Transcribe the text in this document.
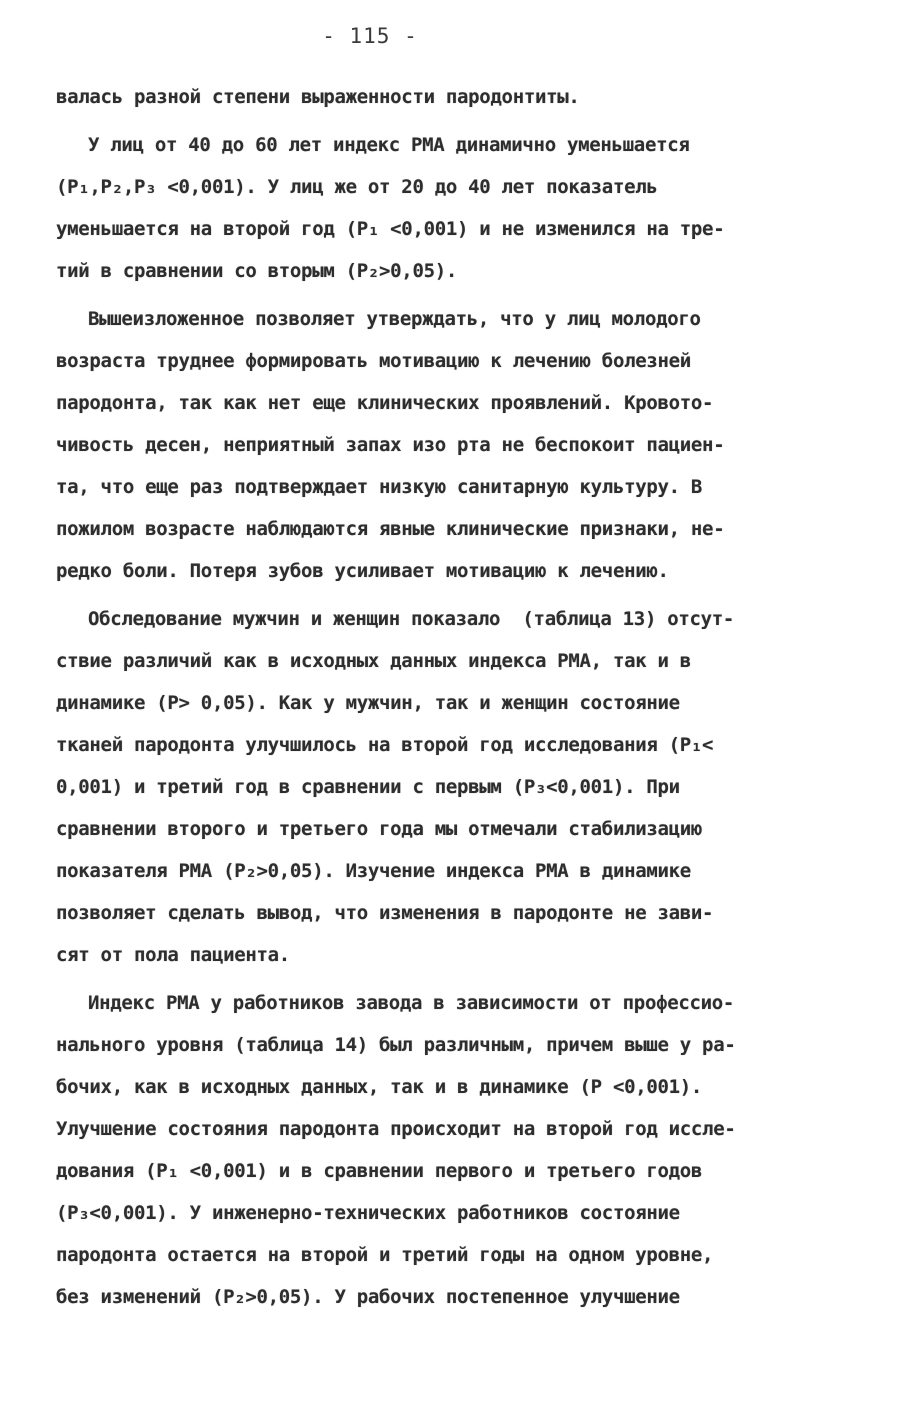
- 115 -
валась разной степени выраженности пародонтиты.
У лиц от 40 до 60 лет индекс РМА динамично уменьшается
(P₁,P₂,P₃ <0,001). У лиц же от 20 до 40 лет показатель
уменьшается на второй год (P₁ <0,001) и не изменился на тре-
тий в сравнении со вторым (P₂>0,05).
Вышеизложенное позволяет утверждать, что у лиц молодого
возраста труднее формировать мотивацию к лечению болезней
пародонта, так как нет еще клинических проявлений. Кровото-
чивость десен, неприятный запах изо рта не беспокоит пациен-
та, что еще раз подтверждает низкую санитарную культуру. В
пожилом возрасте наблюдаются явные клинические признаки, не-
редко боли. Потеря зубов усиливает мотивацию к лечению.
Обследование мужчин и женщин показало  (таблица 13) отсут-
ствие различий как в исходных данных индекса РМА, так и в
динамике (P> 0,05). Как у мужчин, так и женщин состояние
тканей пародонта улучшилось на второй год исследования (P₁<
0,001) и третий год в сравнении с первым (P₃<0,001). При
сравнении второго и третьего года мы отмечали стабилизацию
показателя РМА (P₂>0,05). Изучение индекса РМА в динамике
позволяет сделать вывод, что изменения в пародонте не зави-
сят от пола пациента.
Индекс РМА у работников завода в зависимости от профессио-
нального уровня (таблица 14) был различным, причем выше у ра-
бочих, как в исходных данных, так и в динамике (P <0,001).
Улучшение состояния пародонта происходит на второй год иссле-
дования (P₁ <0,001) и в сравнении первого и третьего годов
(P₃<0,001). У инженерно-технических работников состояние
пародонта остается на второй и третий годы на одном уровне,
без изменений (P₂>0,05). У рабочих постепенное улучшение
